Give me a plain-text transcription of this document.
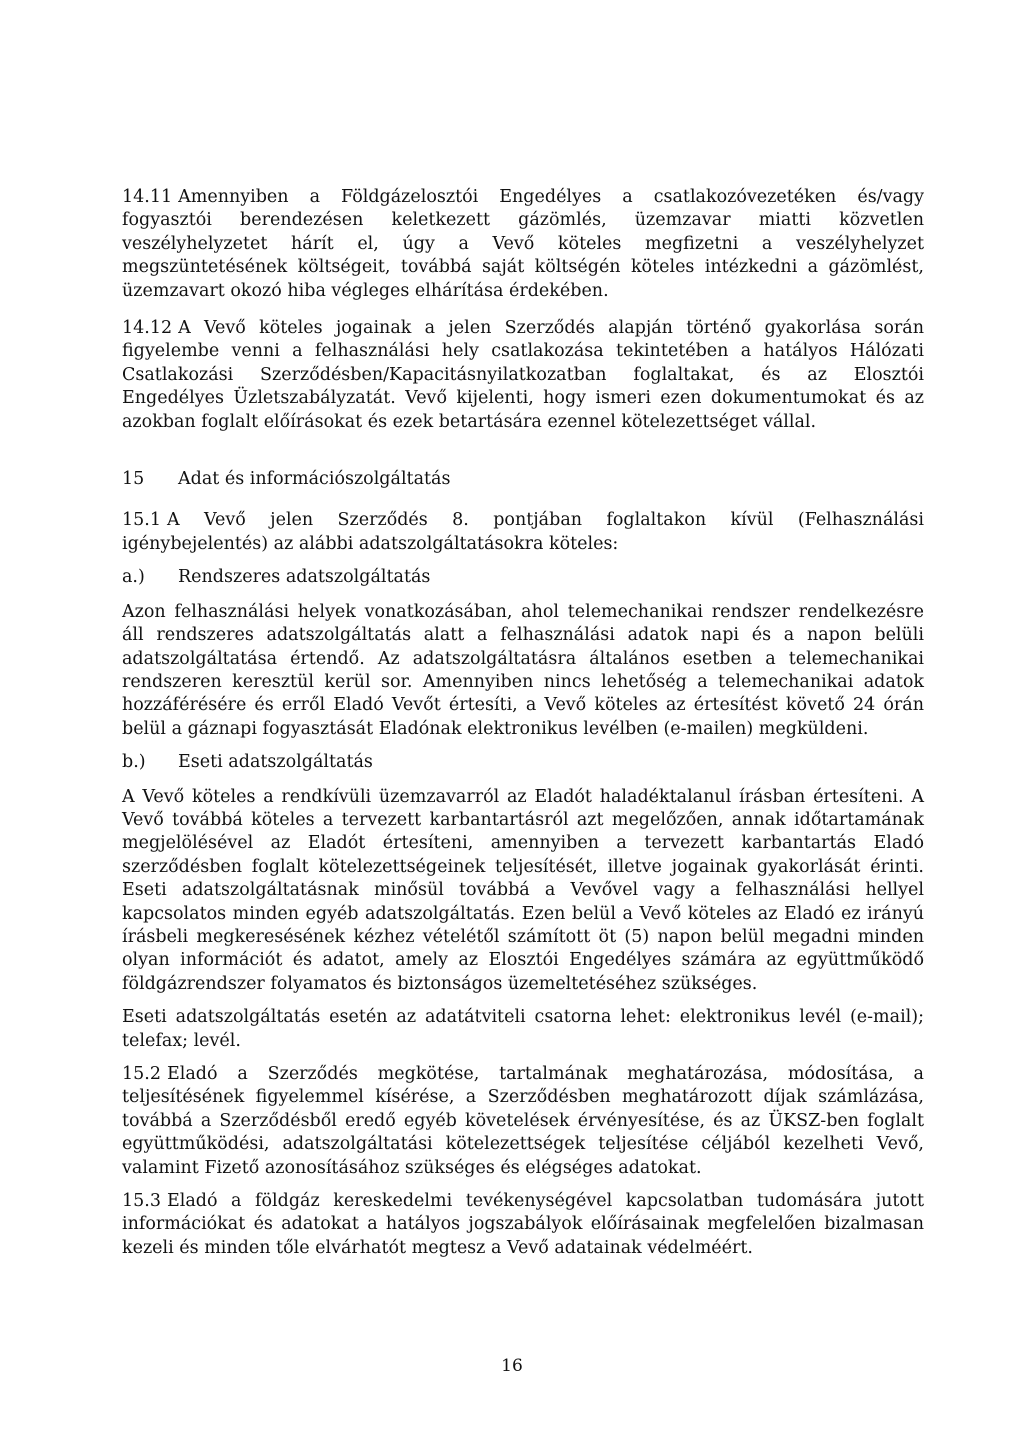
14.11 Amennyiben a Földgázelosztói Engedélyes a csatlakozóvezetéken és/vagy fogyasztói berendezésen keletkezett gázömlés, üzemzavar miatti közvetlen veszélyhelyzetet hárít el, úgy a Vevő köteles megfizetni a veszélyhelyzet megszüntetésének költségeit, továbbá saját költségén köteles intézkedni a gázömlést, üzemzavart okozó hiba végleges elhárítása érdekében.

14.12 A Vevő köteles jogainak a jelen Szerződés alapján történő gyakorlása során figyelembe venni a felhasználási hely csatlakozása tekintetében a hatályos Hálózati Csatlakozási Szerződésben/Kapacitásnyilatkozatban foglaltakat, és az Elosztói Engedélyes Üzletszabályzatát. Vevő kijelenti, hogy ismeri ezen dokumentumokat és az azokban foglalt előírásokat és ezek betartására ezennel kötelezettséget vállal.

15	Adat és információszolgáltatás

15.1 A Vevő jelen Szerződés 8. pontjában foglaltakon kívül (Felhasználási igénybejelentés) az alábbi adatszolgáltatásokra köteles:

a.)	Rendszeres adatszolgáltatás

Azon felhasználási helyek vonatkozásában, ahol telemechanikai rendszer rendelkezésre áll rendszeres adatszolgáltatás alatt a felhasználási adatok napi és a napon belüli adatszolgáltatása értendő. Az adatszolgáltatásra általános esetben a telemechanikai rendszeren keresztül kerül sor. Amennyiben nincs lehetőség a telemechanikai adatok hozzáférésére és erről Eladó Vevőt értesíti, a Vevő köteles az értesítést követő 24 órán belül a gáznapi fogyasztását Eladónak elektronikus levélben (e-mailen) megküldeni.

b.)	Eseti adatszolgáltatás

A Vevő köteles a rendkívüli üzemzavarról az Eladót haladéktalanul írásban értesíteni. A Vevő továbbá köteles a tervezett karbantartásról azt megelőzően, annak időtartamának megjelölésével az Eladót értesíteni, amennyiben a tervezett karbantartás Eladó szerződésben foglalt kötelezettségeinek teljesítését, illetve jogainak gyakorlását érinti. Eseti adatszolgáltatásnak minősül továbbá a Vevővel vagy a felhasználási hellyel kapcsolatos minden egyéb adatszolgáltatás. Ezen belül a Vevő köteles az Eladó ez irányú írásbeli megkeresésének kézhez vételétől számított öt (5) napon belül megadni minden olyan információt és adatot, amely az Elosztói Engedélyes számára az együttműködő földgázrendszer folyamatos és biztonságos üzemeltetéséhez szükséges.

Eseti adatszolgáltatás esetén az adatátviteli csatorna lehet: elektronikus levél (e-mail); telefax; levél.

15.2 Eladó a Szerződés megkötése, tartalmának meghatározása, módosítása, a teljesítésének figyelemmel kísérése, a Szerződésben meghatározott díjak számlázása, továbbá a Szerződésből eredő egyéb követelések érvényesítése, és az ÜKSZ-ben foglalt együttműködési, adatszolgáltatási kötelezettségek teljesítése céljából kezelheti Vevő, valamint Fizető azonosításához szükséges és elégséges adatokat.

15.3 Eladó a földgáz kereskedelmi tevékenységével kapcsolatban tudomására jutott információkat és adatokat a hatályos jogszabályok előírásainak megfelelően bizalmasan kezeli és minden tőle elvárhatót megtesz a Vevő adatainak védelméért.

16
